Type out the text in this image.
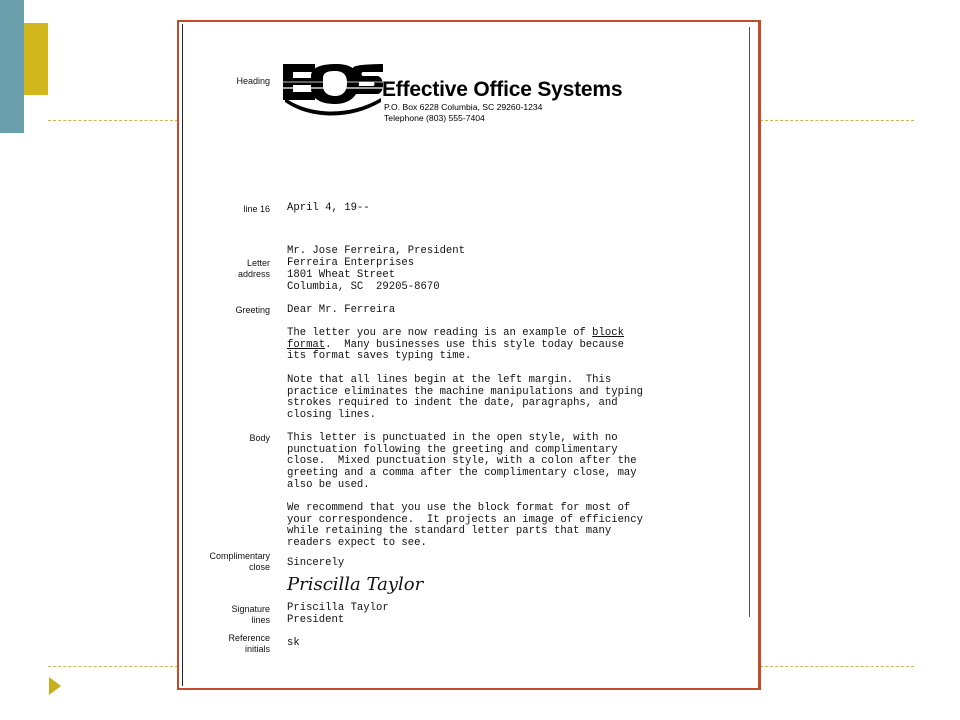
Heading
line 16
Letter
address
Greeting
Body
Complimentary
close
Signature
lines
Reference
initials
Effective Office Systems
P.O. Box 6228 Columbia, SC 29260-1234
Telephone (803) 555-7404
April 4, 19--
Mr. Jose Ferreira, President
Ferreira Enterprises
1801 Wheat Street
Columbia, SC  29205-8670
Dear Mr. Ferreira
The letter you are now reading is an example of block
format.  Many businesses use this style today because
its format saves typing time.
Note that all lines begin at the left margin.  This
practice eliminates the machine manipulations and typing
strokes required to indent the date, paragraphs, and
closing lines.
This letter is punctuated in the open style, with no
punctuation following the greeting and complimentary
close.  Mixed punctuation style, with a colon after the
greeting and a comma after the complimentary close, may
also be used.
We recommend that you use the block format for most of
your correspondence.  It projects an image of efficiency
while retaining the standard letter parts that many
readers expect to see.
Sincerely
Priscilla Taylor
Priscilla Taylor
President
sk
